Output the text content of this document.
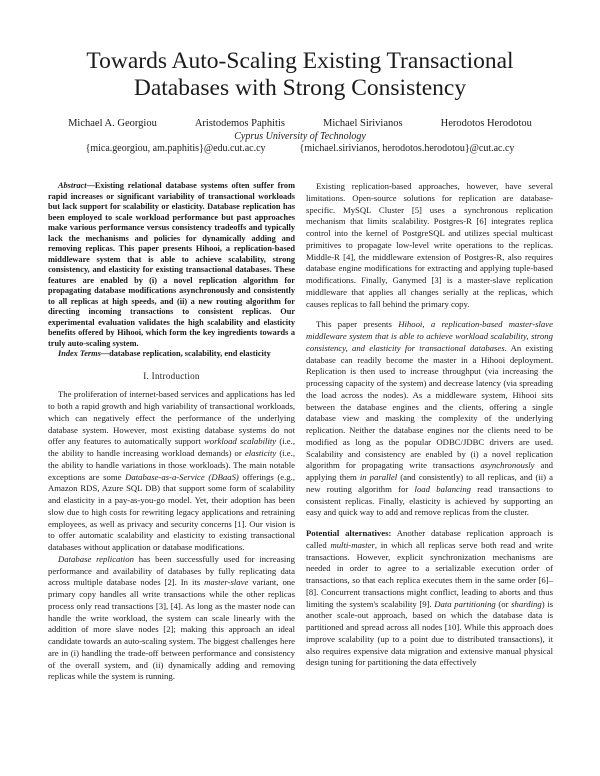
Towards Auto-Scaling Existing Transactional Databases with Strong Consistency
Michael A. Georgiou	Aristodemos Paphitis	Michael Sirivianos	Herodotos Herodotou
Cyprus University of Technology
{mica.georgiou, am.paphitis}@edu.cut.ac.cy	{michael.sirivianos, herodotos.herodotou}@cut.ac.cy

Abstract—Existing relational database systems often suffer from rapid increases or significant variability of transactional workloads but lack support for scalability or elasticity. Database replication has been employed to scale workload performance but past approaches make various performance versus consistency tradeoffs and typically lack the mechanisms and policies for dynamically adding and removing replicas. This paper presents Hihooi, a replication-based middleware system that is able to achieve scalability, strong consistency, and elasticity for existing transactional databases. These features are enabled by (i) a novel replication algorithm for propagating database modifications asynchronously and consistently to all replicas at high speeds, and (ii) a new routing algorithm for directing incoming transactions to consistent replicas. Our experimental evaluation validates the high scalability and elasticity benefits offered by Hihooi, which form the key ingredients towards a truly auto-scaling system.

Index Terms—database replication, scalability, end elasticity

I. Introduction

The proliferation of internet-based services and applications has led to both a rapid growth and high variability of transactional workloads, which can negatively effect the performance of the underlying database system. However, most existing database systems do not offer any features to automatically support workload scalability (i.e., the ability to handle increasing workload demands) or elasticity (i.e., the ability to handle variations in those workloads). The main notable exceptions are some Database-as-a-Service (DBaaS) offerings (e.g., Amazon RDS, Azure SQL DB) that support some form of scalability and elasticity in a pay-as-you-go model. Yet, their adoption has been slow due to high costs for rewriting legacy applications and retraining employees, as well as privacy and security concerns [1]. Our vision is to offer automatic scalability and elasticity to existing transactional databases without application or database modifications.

Database replication has been successfully used for increasing performance and availability of databases by fully replicating data across multiple database nodes [2]. In its master-slave variant, one primary copy handles all write transactions while the other replicas process only read transactions [3], [4]. As long as the master node can handle the write workload, the system can scale linearly with the addition of more slave nodes [2]; making this approach an ideal candidate towards an auto-scaling system. The biggest challenges here are in (i) handling the trade-off between performance and consistency of the overall system, and (ii) dynamically adding and removing replicas while the system is running.

Existing replication-based approaches, however, have several limitations. Open-source solutions for replication are database-specific. MySQL Cluster [5] uses a synchronous replication mechanism that limits scalability. Postgres-R [6] integrates replica control into the kernel of PostgreSQL and utilizes special multicast primitives to propagate low-level write operations to the replicas. Middle-R [4], the middleware extension of Postgres-R, also requires database engine modifications for extracting and applying tuple-based modifications. Finally, Ganymed [3] is a master-slave replication middleware that applies all changes serially at the replicas, which causes replicas to fall behind the primary copy.

This paper presents Hihooi, a replication-based master-slave middleware system that is able to achieve workload scalability, strong consistency, and elasticity for transactional databases. An existing database can readily become the master in a Hihooi deployment. Replication is then used to increase throughput (via increasing the processing capacity of the system) and decrease latency (via spreading the load across the nodes). As a middleware system, Hihooi sits between the database engines and the clients, offering a single database view and masking the complexity of the underlying replication. Neither the database engines nor the clients need to be modified as long as the popular ODBC/JDBC drivers are used. Scalability and consistency are enabled by (i) a novel replication algorithm for propagating write transactions asynchronously and applying them in parallel (and consistently) to all replicas, and (ii) a new routing algorithm for load balancing read transactions to consistent replicas. Finally, elasticity is achieved by supporting an easy and quick way to add and remove replicas from the cluster.

Potential alternatives: Another database replication approach is called multi-master, in which all replicas serve both read and write transactions. However, explicit synchronization mechanisms are needed in order to agree to a serializable execution order of transactions, so that each replica executes them in the same order [6]–[8]. Concurrent transactions might conflict, leading to aborts and thus limiting the system's scalability [9]. Data partitioning (or sharding) is another scale-out approach, based on which the database data is partitioned and spread across all nodes [10]. While this approach does improve scalability (up to a point due to distributed transactions), it also requires expensive data migration and extensive manual physical design tuning for partitioning the data effectively
